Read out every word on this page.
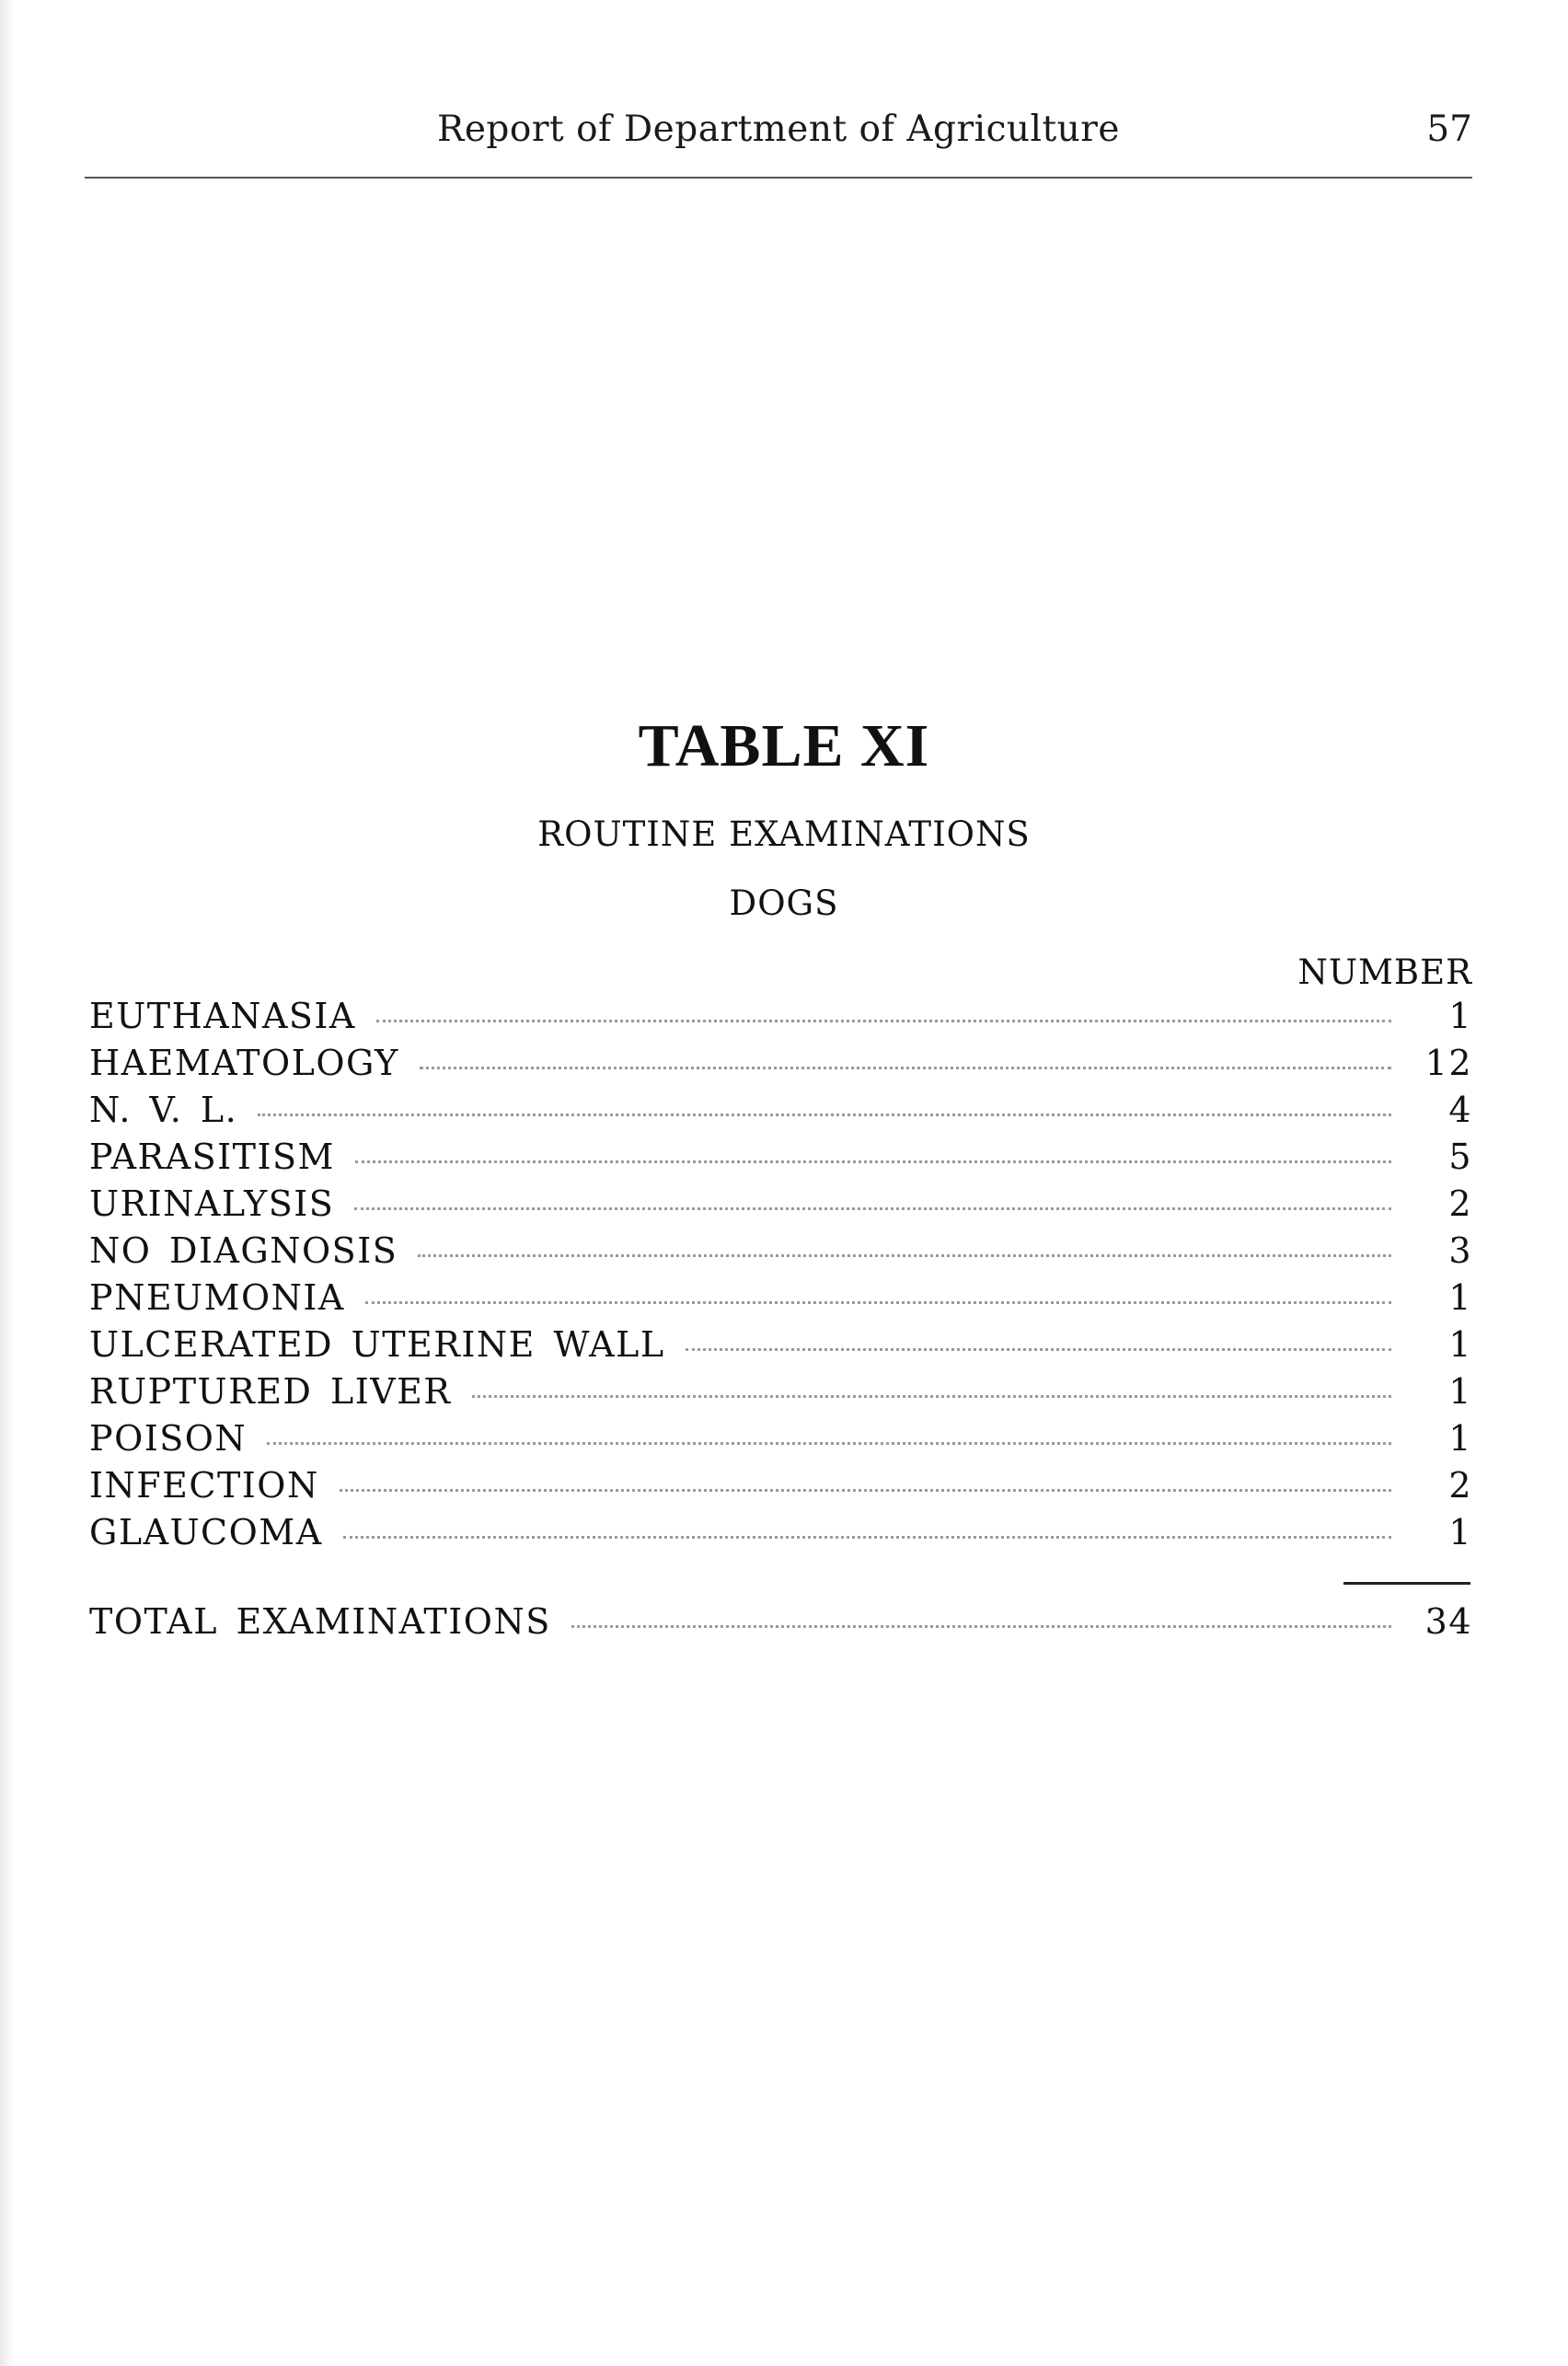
Report of Department of Agriculture	57
TABLE XI
ROUTINE EXAMINATIONS
DOGS
NUMBER
EUTHANASIA	1
HAEMATOLOGY	12
N. V. L.	4
PARASITISM	5
URINALYSIS	2
NO DIAGNOSIS	3
PNEUMONIA	1
ULCERATED UTERINE WALL	1
RUPTURED LIVER	1
POISON	1
INFECTION	2
GLAUCOMA	1
TOTAL EXAMINATIONS	34
